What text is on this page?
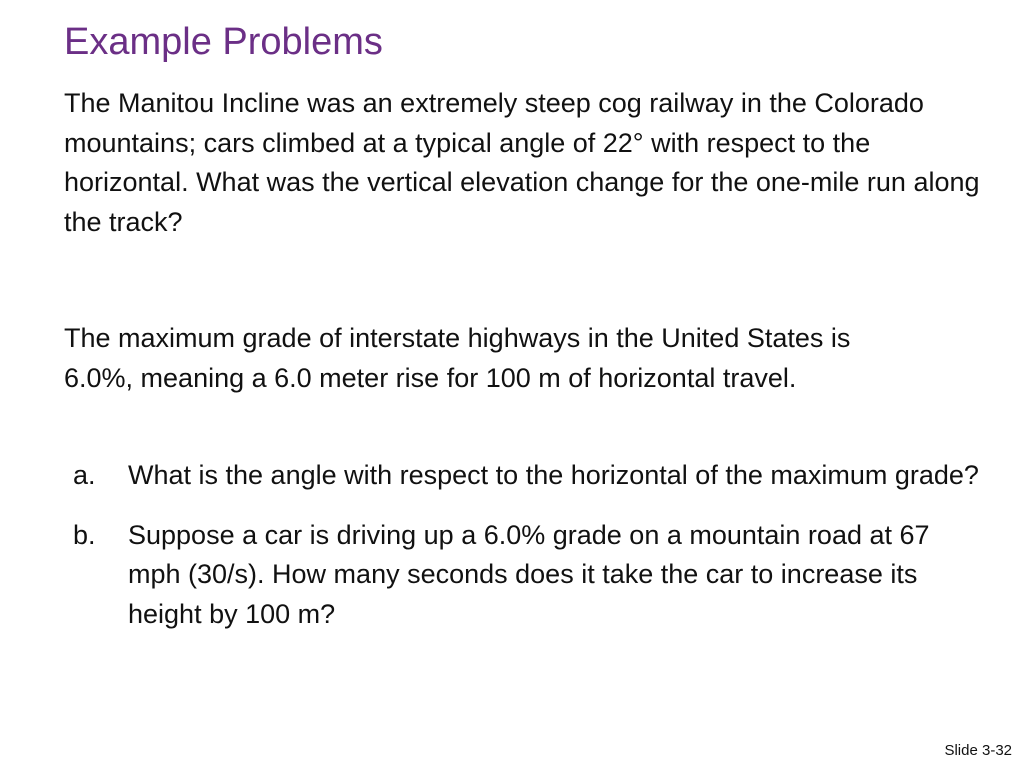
Example Problems
The Manitou Incline was an extremely steep cog railway in the Colorado mountains; cars climbed at a typical angle of 22° with respect to the horizontal. What was the vertical elevation change for the one-mile run along the track?
The maximum grade of interstate highways in the United States is 6.0%, meaning a 6.0 meter rise for 100 m of horizontal travel.
a. What is the angle with respect to the horizontal of the maximum grade?
b. Suppose a car is driving up a 6.0% grade on a mountain road at 67 mph (30/s). How many seconds does it take the car to increase its height by 100 m?
Slide 3-32
